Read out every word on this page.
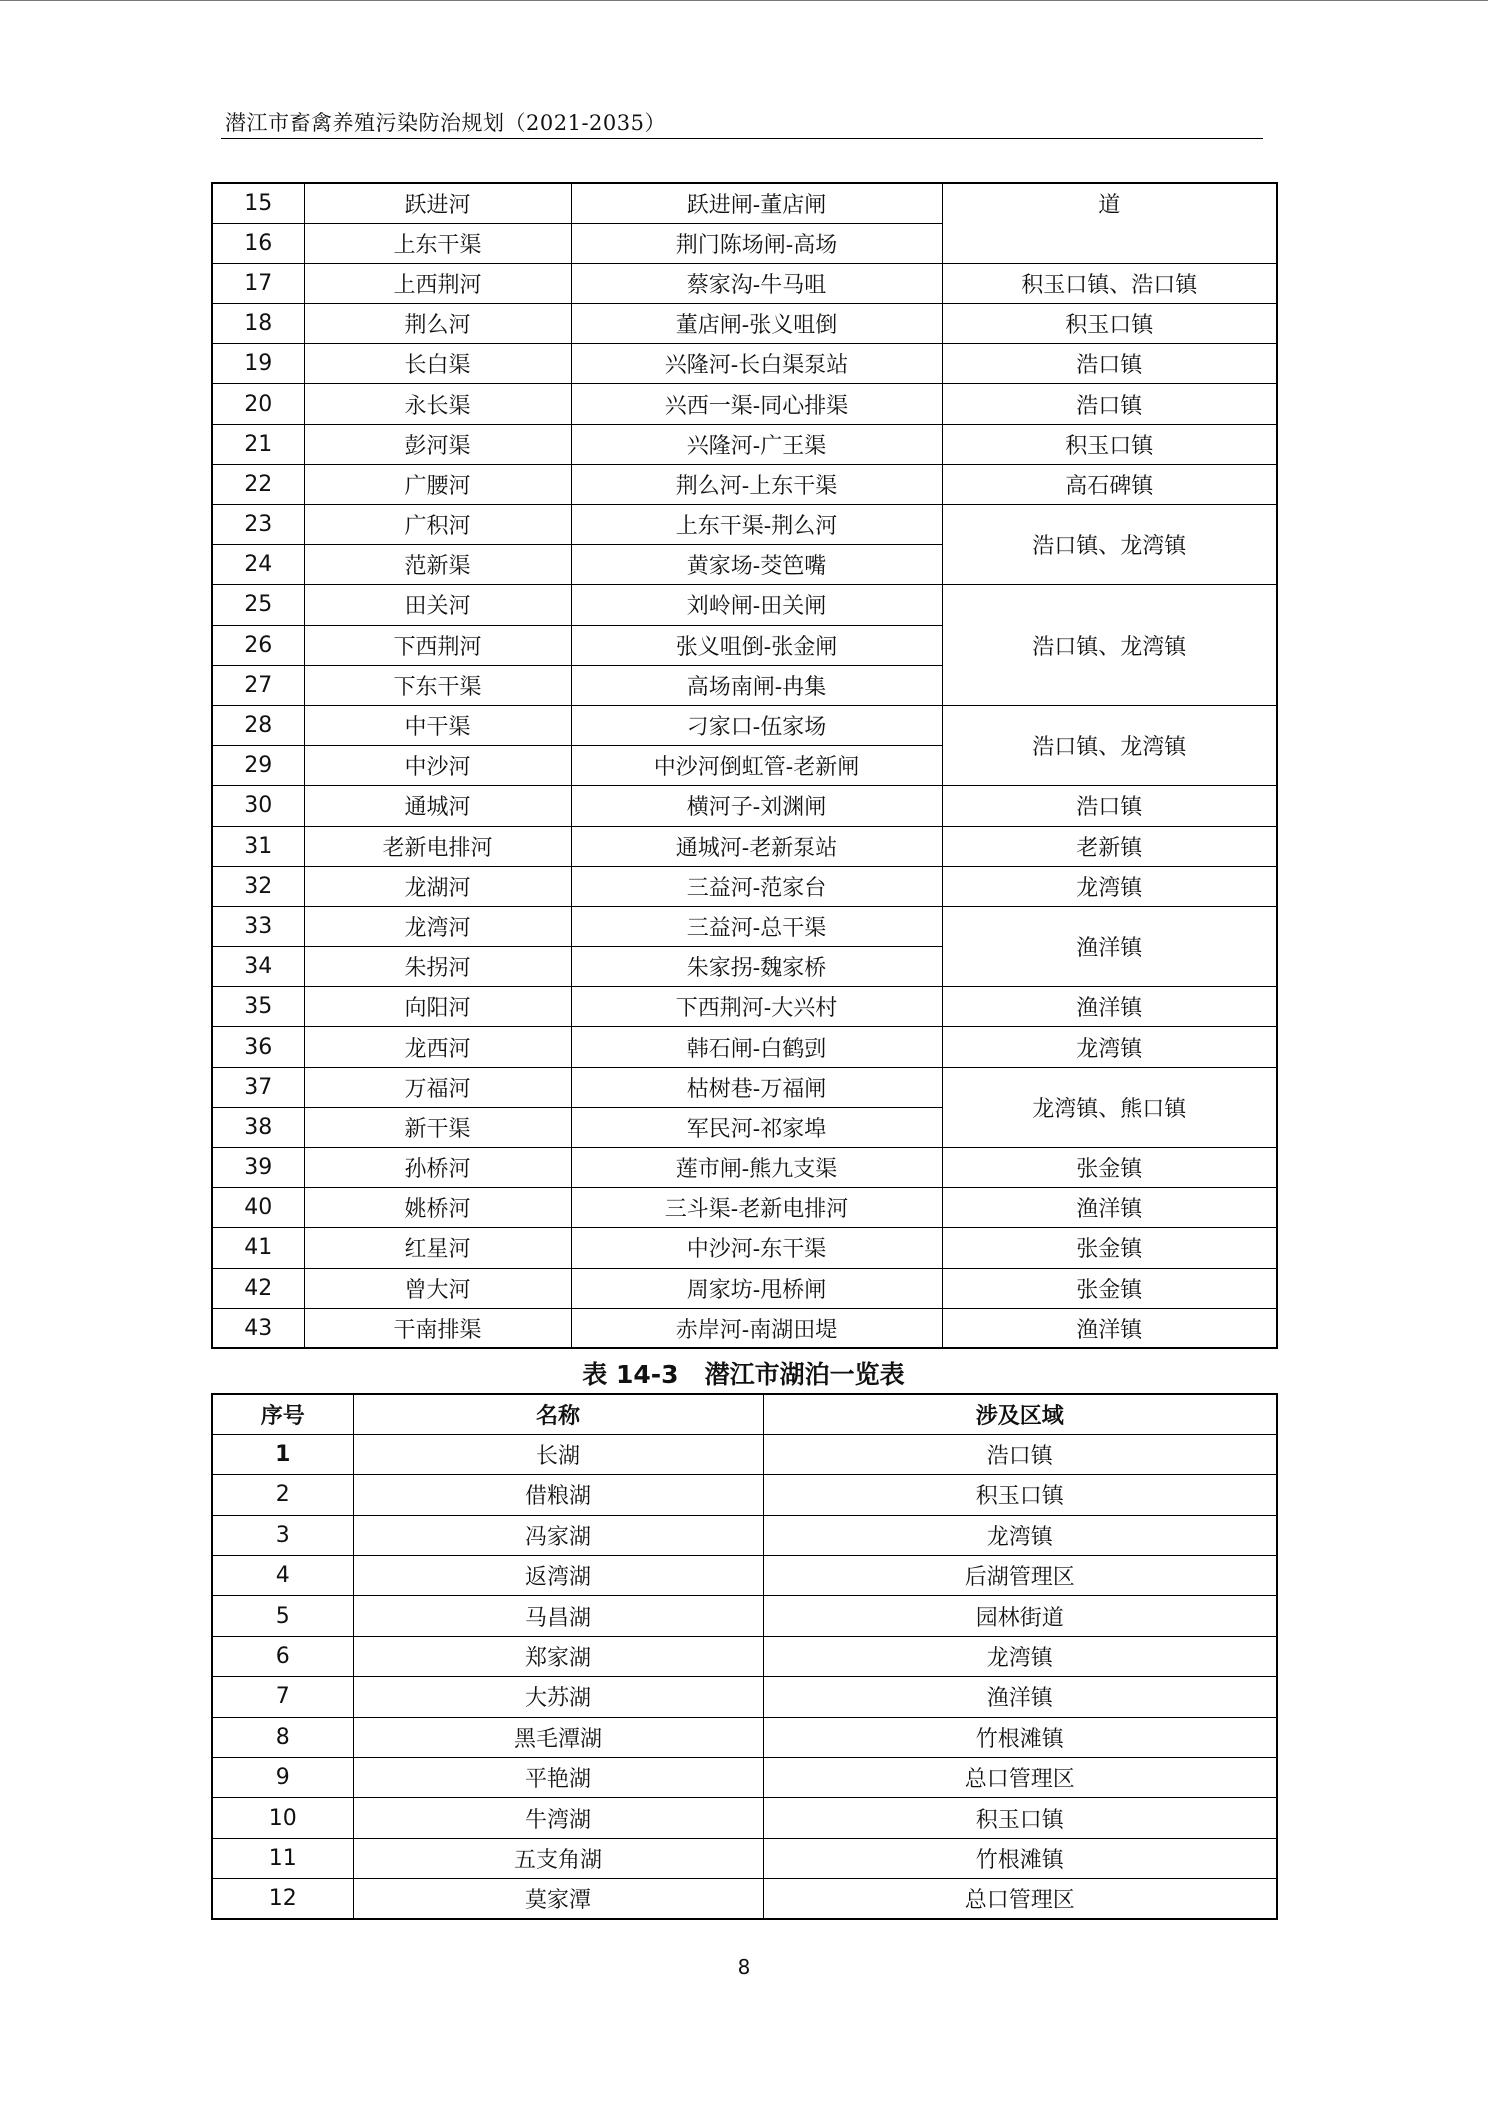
潜江市畜禽养殖污染防治规划（2021-2035）
15	跃进河	跃进闸-董店闸	道
16	上东干渠	荆门陈场闸-高场	
17	上西荆河	蔡家沟-牛马咀	积玉口镇、浩口镇
18	荆么河	董店闸-张义咀倒	积玉口镇
19	长白渠	兴隆河-长白渠泵站	浩口镇
20	永长渠	兴西一渠-同心排渠	浩口镇
21	彭河渠	兴隆河-广王渠	积玉口镇
22	广腰河	荆么河-上东干渠	高石碑镇
23	广积河	上东干渠-荆么河	浩口镇、龙湾镇
24	范新渠	黄家场-茭笆嘴	
25	田关河	刘岭闸-田关闸	浩口镇、龙湾镇
26	下西荆河	张义咀倒-张金闸	
27	下东干渠	高场南闸-冉集	
28	中干渠	刁家口-伍家场	浩口镇、龙湾镇
29	中沙河	中沙河倒虹管-老新闸	
30	通城河	横河子-刘渊闸	浩口镇
31	老新电排河	通城河-老新泵站	老新镇
32	龙湖河	三益河-范家台	龙湾镇
33	龙湾河	三益河-总干渠	渔洋镇
34	朱拐河	朱家拐-魏家桥	
35	向阳河	下西荆河-大兴村	渔洋镇
36	龙西河	韩石闸-白鹤剅	龙湾镇
37	万福河	枯树巷-万福闸	龙湾镇、熊口镇
38	新干渠	军民河-祁家埠	
39	孙桥河	莲市闸-熊九支渠	张金镇
40	姚桥河	三斗渠-老新电排河	渔洋镇
41	红星河	中沙河-东干渠	张金镇
42	曾大河	周家坊-甩桥闸	张金镇
43	干南排渠	赤岸河-南湖田堤	渔洋镇
表 14-3   潜江市湖泊一览表
序号	名称	涉及区域
1	长湖	浩口镇
2	借粮湖	积玉口镇
3	冯家湖	龙湾镇
4	返湾湖	后湖管理区
5	马昌湖	园林街道
6	郑家湖	龙湾镇
7	大苏湖	渔洋镇
8	黑毛潭湖	竹根滩镇
9	平艳湖	总口管理区
10	牛湾湖	积玉口镇
11	五支角湖	竹根滩镇
12	莫家潭	总口管理区
8
